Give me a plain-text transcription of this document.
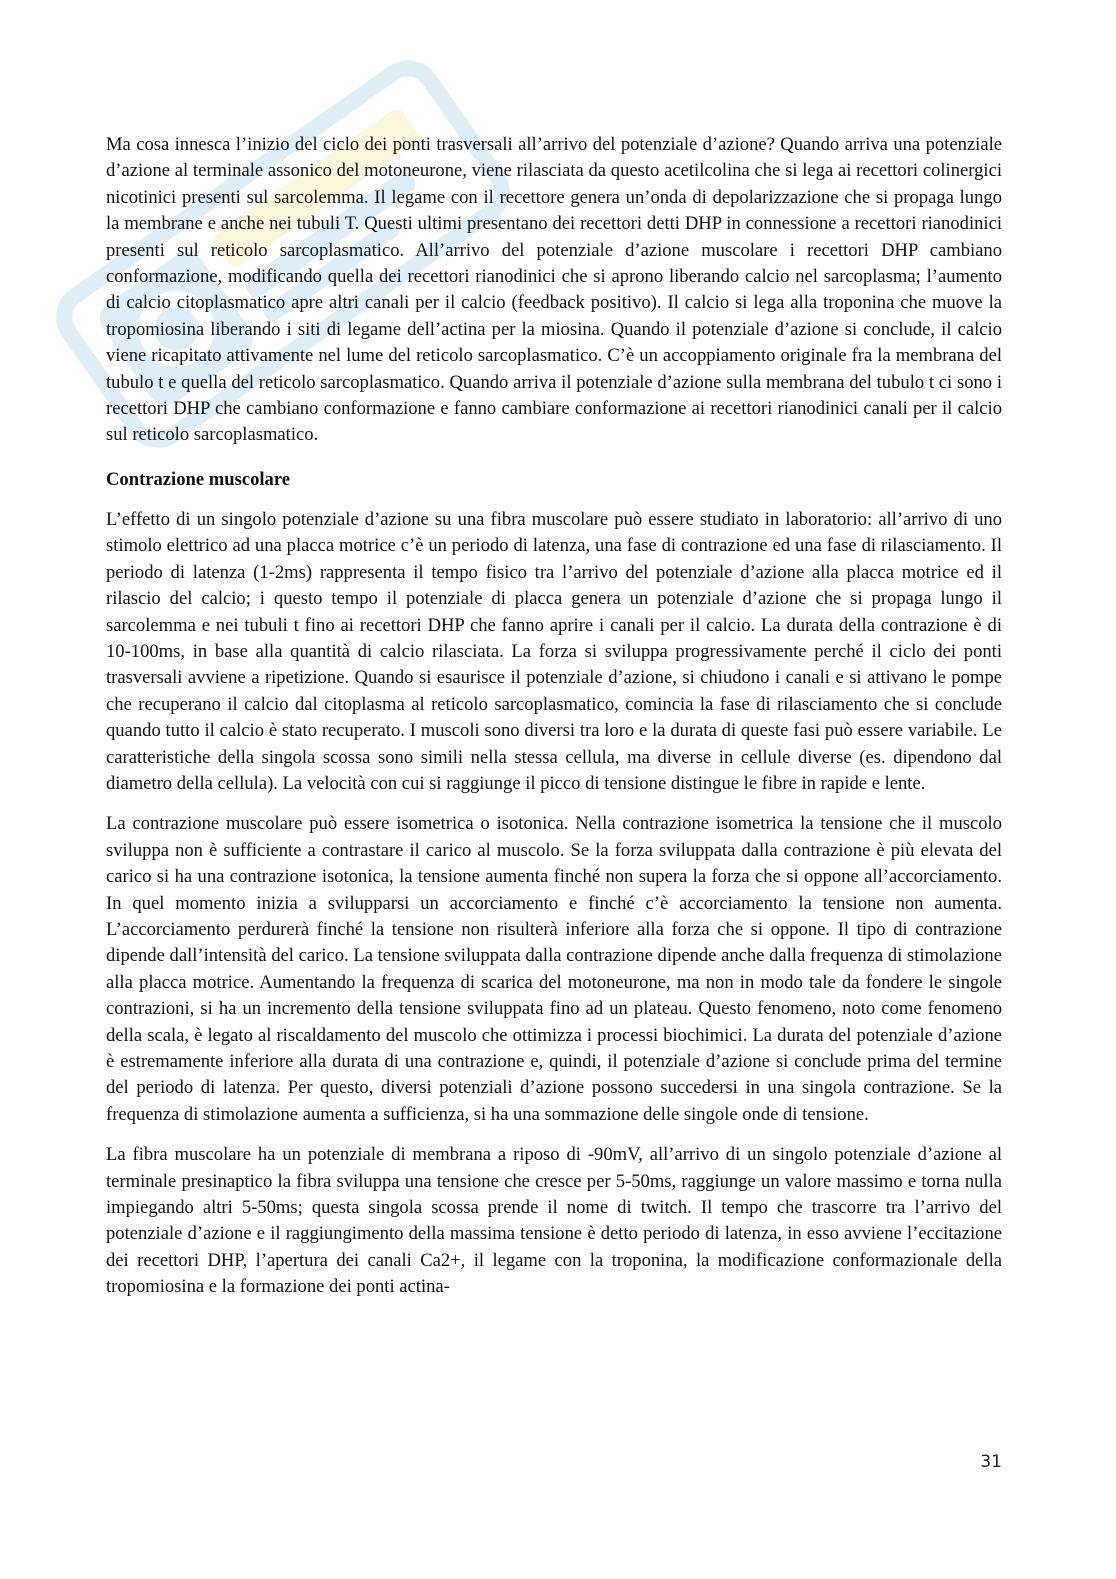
Ma cosa innesca l’inizio del ciclo dei ponti trasversali all’arrivo del potenziale d’azione? Quando arriva una potenziale d’azione al terminale assonico del motoneurone, viene rilasciata da questo acetilcolina che si lega ai recettori colinergici nicotinici presenti sul sarcolemma. Il legame con il recettore genera un’onda di depolarizzazione che si propaga lungo la membrane e anche nei tubuli T. Questi ultimi presentano dei recettori detti DHP in connessione a recettori rianodinici presenti sul reticolo sarcoplasmatico. All’arrivo del potenziale d’azione muscolare i recettori DHP cambiano conformazione, modificando quella dei recettori rianodinici che si aprono liberando calcio nel sarcoplasma; l’aumento di calcio citoplasmatico apre altri canali per il calcio (feedback positivo). Il calcio si lega alla troponina che muove la tropomiosina liberando i siti di legame dell’actina per la miosina. Quando il potenziale d’azione si conclude, il calcio viene ricapitato attivamente nel lume del reticolo sarcoplasmatico. C’è un accoppiamento originale fra la membrana del tubulo t e quella del reticolo sarcoplasmatico. Quando arriva il potenziale d’azione sulla membrana del tubulo t ci sono i recettori DHP che cambiano conformazione e fanno cambiare conformazione ai recettori rianodinici canali per il calcio sul reticolo sarcoplasmatico.

Contrazione muscolare

L’effetto di un singolo potenziale d’azione su una fibra muscolare può essere studiato in laboratorio: all’arrivo di uno stimolo elettrico ad una placca motrice c’è un periodo di latenza, una fase di contrazione ed una fase di rilasciamento. Il periodo di latenza (1-2ms) rappresenta il tempo fisico tra l’arrivo del potenziale d’azione alla placca motrice ed il rilascio del calcio; i questo tempo il potenziale di placca genera un potenziale d’azione che si propaga lungo il sarcolemma e nei tubuli t fino ai recettori DHP che fanno aprire i canali per il calcio. La durata della contrazione è di 10-100ms, in base alla quantità di calcio rilasciata. La forza si sviluppa progressivamente perché il ciclo dei ponti trasversali avviene a ripetizione. Quando si esaurisce il potenziale d’azione, si chiudono i canali e si attivano le pompe che recuperano il calcio dal citoplasma al reticolo sarcoplasmatico, comincia la fase di rilasciamento che si conclude quando tutto il calcio è stato recuperato. I muscoli sono diversi tra loro e la durata di queste fasi può essere variabile. Le caratteristiche della singola scossa sono simili nella stessa cellula, ma diverse in cellule diverse (es. dipendono dal diametro della cellula). La velocità con cui si raggiunge il picco di tensione distingue le fibre in rapide e lente.

La contrazione muscolare può essere isometrica o isotonica. Nella contrazione isometrica la tensione che il muscolo sviluppa non è sufficiente a contrastare il carico al muscolo. Se la forza sviluppata dalla contrazione è più elevata del carico si ha una contrazione isotonica, la tensione aumenta finché non supera la forza che si oppone all’accorciamento. In quel momento inizia a svilupparsi un accorciamento e finché c’è accorciamento la tensione non aumenta. L’accorciamento perdurerà finché la tensione non risulterà inferiore alla forza che si oppone. Il tipo di contrazione dipende dall’intensità del carico. La tensione sviluppata dalla contrazione dipende anche dalla frequenza di stimolazione alla placca motrice. Aumentando la frequenza di scarica del motoneurone, ma non in modo tale da fondere le singole contrazioni, si ha un incremento della tensione sviluppata fino ad un plateau. Questo fenomeno, noto come fenomeno della scala, è legato al riscaldamento del muscolo che ottimizza i processi biochimici. La durata del potenziale d’azione è estremamente inferiore alla durata di una contrazione e, quindi, il potenziale d’azione si conclude prima del termine del periodo di latenza. Per questo, diversi potenziali d’azione possono succedersi in una singola contrazione. Se la frequenza di stimolazione aumenta a sufficienza, si ha una sommazione delle singole onde di tensione.

La fibra muscolare ha un potenziale di membrana a riposo di -90mV, all’arrivo di un singolo potenziale d’azione al terminale presinaptico la fibra sviluppa una tensione che cresce per 5-50ms, raggiunge un valore massimo e torna nulla impiegando altri 5-50ms; questa singola scossa prende il nome di twitch. Il tempo che trascorre tra l’arrivo del potenziale d’azione e il raggiungimento della massima tensione è detto periodo di latenza, in esso avviene l’eccitazione dei recettori DHP, l’apertura dei canali Ca2+, il legame con la troponina, la modificazione conformazionale della tropomiosina e la formazione dei ponti actina-

31
